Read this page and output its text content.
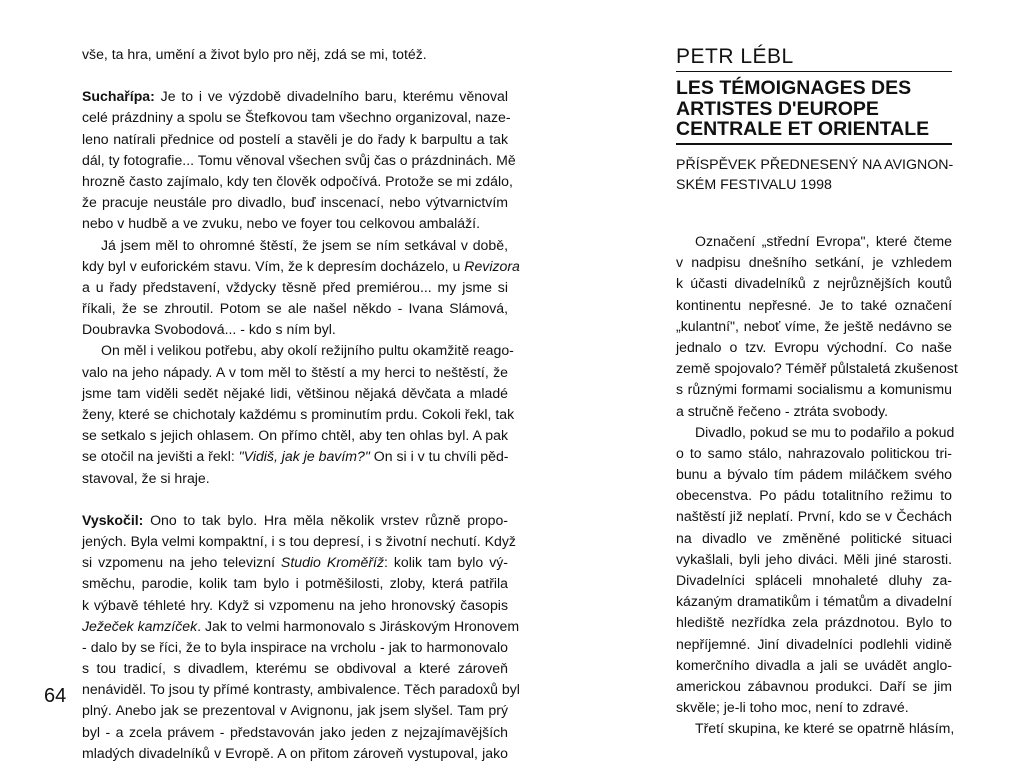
vše, ta hra, umění a život bylo pro něj, zdá se mi, totéž.
Suchařípa: Je to i ve výzdobě divadelního baru, kterému věnoval
celé prázdniny a spolu se Štefkovou tam všechno organizoval, naze-
leno natírali přednice od postelí a stavěli je do řady k barpultu a tak
dál, ty fotografie... Tomu věnoval všechen svůj čas o prázdninách. Mě
hrozně často zajímalo, kdy ten člověk odpočívá. Protože se mi zdálo,
že pracuje neustále pro divadlo, buď inscenací, nebo výtvarnictvím
nebo v hudbě a ve zvuku, nebo ve foyer tou celkovou ambaláží.
Já jsem měl to ohromné štěstí, že jsem se ním setkával v době,
kdy byl v euforickém stavu. Vím, že k depresím docházelo, u Revizora
a u řady představení, vždycky těsně před premiérou... my jsme si
říkali, že se zhroutil. Potom se ale našel někdo - Ivana Slámová,
Doubravka Svobodová... - kdo s ním byl.
On měl i velikou potřebu, aby okolí režijního pultu okamžitě reago-
valo na jeho nápady. A v tom měl to štěstí a my herci to neštěstí, že
jsme tam viděli sedět nějaké lidi, většinou nějaká děvčata a mladé
ženy, které se chichotaly každému s prominutím prdu. Cokoli řekl, tak
se setkalo s jejich ohlasem. On přímo chtěl, aby ten ohlas byl. A pak
se otočil na jevišti a řekl: "Vidiš, jak je bavím?" On si i v tu chvíli pěd-
stavoval, že si hraje.
Vyskočil: Ono to tak bylo. Hra měla několik vrstev různě propo-
jených. Byla velmi kompaktní, i s tou depresí, i s životní nechutí. Když
si vzpomenu na jeho televizní Studio Kroměříž: kolik tam bylo vý-
směchu, parodie, kolik tam bylo i potměšilosti, zloby, která patřila
k výbavě téhleté hry. Když si vzpomenu na jeho hronovský časopis
Ježeček kamzíček. Jak to velmi harmonovalo s Jiráskovým Hronovem
- dalo by se říci, že to byla inspirace na vrcholu - jak to harmonovalo
s tou tradicí, s divadlem, kterému se obdivoval a které zároveň
nenáviděl. To jsou ty přímé kontrasty, ambivalence. Těch paradoxů byl
plný. Anebo jak se prezentoval v Avignonu, jak jsem slyšel. Tam prý
byl - a zcela právem - představován jako jeden z nejzajímavějších
mladých divadelníků v Evropě. A on přitom zároveň vystupoval, jako
64
PETR LÉBL
LES TÉMOIGNAGES DES
ARTISTES D'EUROPE
CENTRALE ET ORIENTALE
PŘÍSPĚVEK PŘEDNESENÝ NA AVIGNON-
SKÉM FESTIVALU 1998
Označení „střední Evropa", které čteme
v nadpisu dnešního setkání, je vzhledem
k účasti divadelníků z nejrůznějších koutů
kontinentu nepřesné. Je to také označení
„kulantní", neboť víme, že ještě nedávno se
jednalo o tzv. Evropu východní. Co naše
země spojovalo? Téměř půlstaletá zkušenost
s různými formami socialismu a komunismu
a stručně řečeno - ztráta svobody.
Divadlo, pokud se mu to podařilo a pokud
o to samo stálo, nahrazovalo politickou tri-
bunu a bývalo tím pádem miláčkem svého
obecenstva. Po pádu totalitního režimu to
naštěstí již neplatí. První, kdo se v Čechách
na divadlo ve změněné politické situaci
vykašlali, byli jeho diváci. Měli jiné starosti.
Divadelníci spláceli mnohaleté dluhy za-
kázaným dramatikům i tématům a divadelní
hlediště nezřídka zela prázdnotou. Bylo to
nepříjemné. Jiní divadelníci podlehli vidině
komerčního divadla a jali se uvádět anglo-
americkou zábavnou produkci. Daří se jim
skvěle; je-li toho moc, není to zdravé.
Třetí skupina, ke které se opatrně hlásím,
